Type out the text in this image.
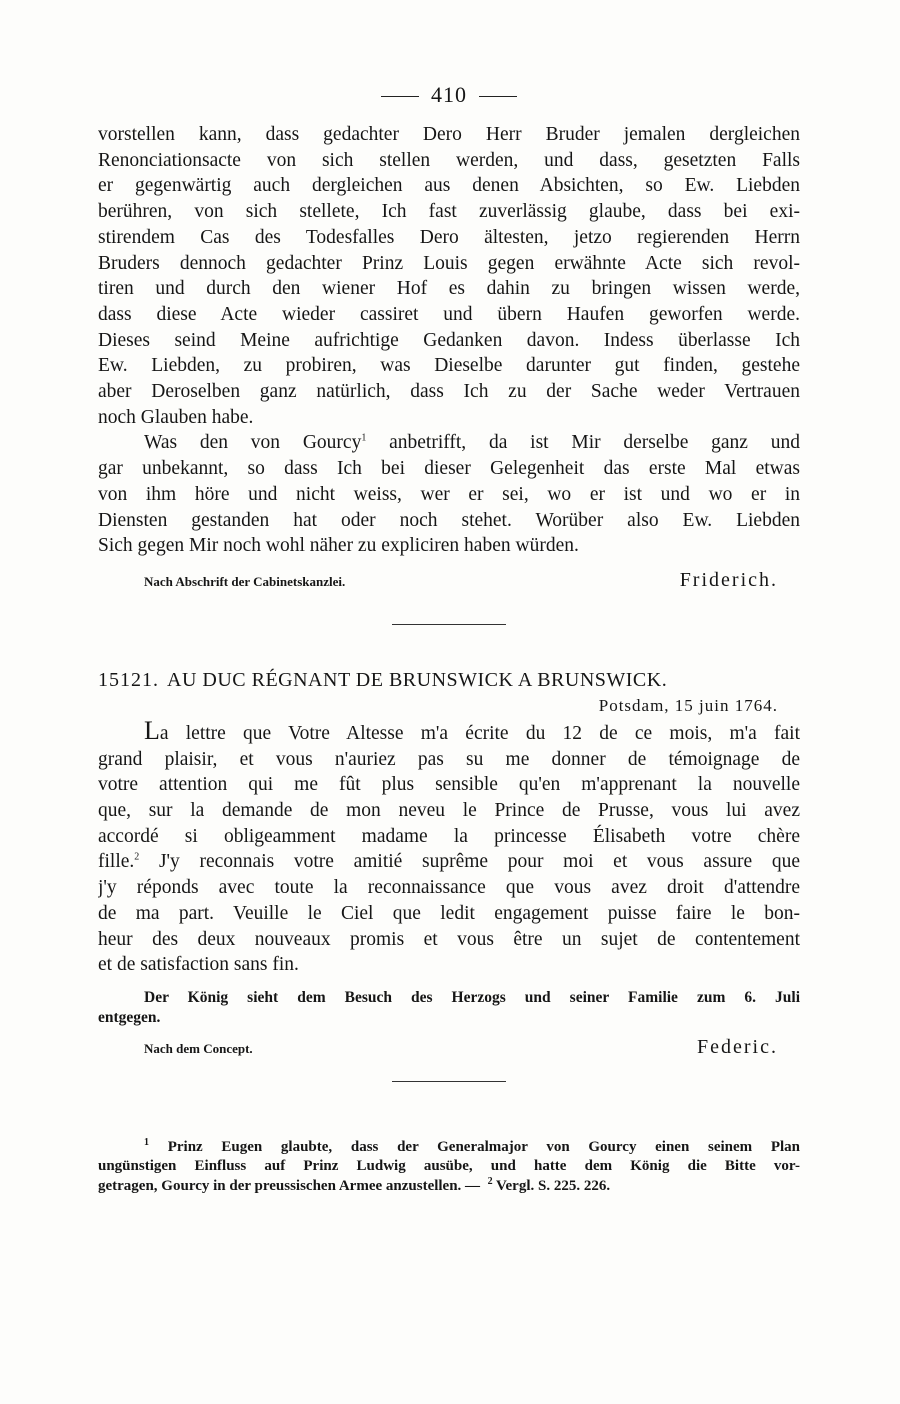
410
vorstellen kann, dass gedachter Dero Herr Bruder jemalen dergleichen
Renonciationsacte von sich stellen werden, und dass, gesetzten Falls
er gegenwärtig auch dergleichen aus denen Absichten, so Ew. Liebden
berühren, von sich stellete, Ich fast zuverlässig glaube, dass bei exi-
stirendem Cas des Todesfalles Dero ältesten, jetzo regierenden Herrn
Bruders dennoch gedachter Prinz Louis gegen erwähnte Acte sich revol-
tiren und durch den wiener Hof es dahin zu bringen wissen werde,
dass diese Acte wieder cassiret und übern Haufen geworfen werde.
Dieses seind Meine aufrichtige Gedanken davon. Indess überlasse Ich
Ew. Liebden, zu probiren, was Dieselbe darunter gut finden, gestehe
aber Deroselben ganz natürlich, dass Ich zu der Sache weder Vertrauen
noch Glauben habe.
Was den von Gourcy$^1$ anbetrifft, da ist Mir derselbe ganz und
gar unbekannt, so dass Ich bei dieser Gelegenheit das erste Mal etwas
von ihm höre und nicht weiss, wer er sei, wo er ist und wo er in
Diensten gestanden hat oder noch stehet. Worüber also Ew. Liebden
Sich gegen Mir noch wohl näher zu expliciren haben würden.
Nach Abschrift der Cabinetskanzlei.	Friderich.
15121. AU DUC RÉGNANT DE BRUNSWICK A BRUNSWICK.
Potsdam, 15 juin 1764.
La lettre que Votre Altesse m'a écrite du 12 de ce mois, m'a fait
grand plaisir, et vous n'auriez pas su me donner de témoignage de
votre attention qui me fût plus sensible qu'en m'apprenant la nouvelle
que, sur la demande de mon neveu le Prince de Prusse, vous lui avez
accordé si obligeamment madame la princesse Élisabeth votre chère
fille.$^2$ J'y reconnais votre amitié suprême pour moi et vous assure que
j'y réponds avec toute la reconnaissance que vous avez droit d'attendre
de ma part. Veuille le Ciel que ledit engagement puisse faire le bon-
heur des deux nouveaux promis et vous être un sujet de contentement
et de satisfaction sans fin.
Der König sieht dem Besuch des Herzogs und seiner Familie zum 6. Juli
entgegen.
Nach dem Concept.	Federic.
$^1$ Prinz Eugen glaubte, dass der Generalmajor von Gourcy einen seinem Plan
ungünstigen Einfluss auf Prinz Ludwig ausübe, und hatte dem König die Bitte vor-
getragen, Gourcy in der preussischen Armee anzustellen. — $^2$ Vergl. S. 225. 226.
